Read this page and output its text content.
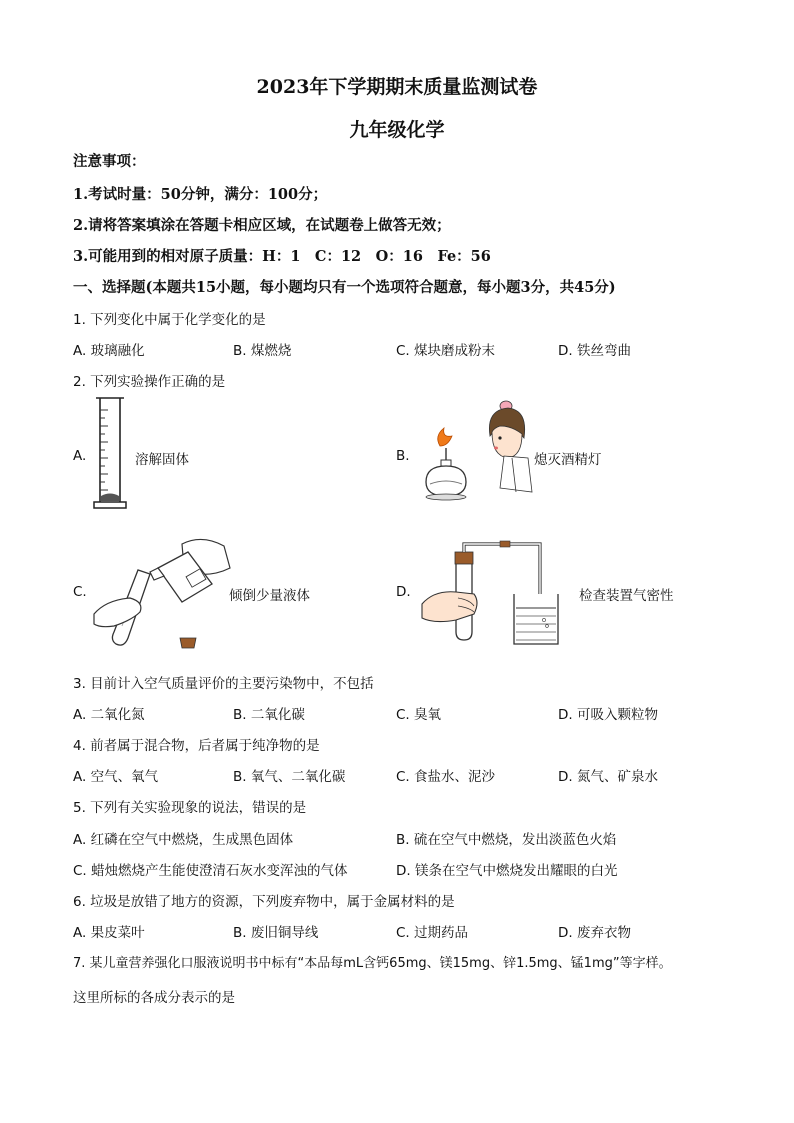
2023年下学期期末质量监测试卷
九年级化学
注意事项：
1.考试时量：50分钟，满分：100分；
2.请将答案填涂在答题卡相应区域，在试题卷上做答无效；
3.可能用到的相对原子质量：H：1　C：12　O：16　Fe：56
一、选择题(本题共15小题，每小题均只有一个选项符合题意，每小题3分，共45分)
1. 下列变化中属于化学变化的是
A. 玻璃融化	B. 煤燃烧	C. 煤块磨成粉末	D. 铁丝弯曲
2. 下列实验操作正确的是
A.	溶解固体	B.	熄灭酒精灯
C.	倾倒少量液体	D.	检查装置气密性
3. 目前计入空气质量评价的主要污染物中，不包括
A. 二氧化氮	B. 二氧化碳	C. 臭氧	D. 可吸入颗粒物
4. 前者属于混合物，后者属于纯净物的是
A. 空气、氧气	B. 氧气、二氧化碳	C. 食盐水、泥沙	D. 氮气、矿泉水
5. 下列有关实验现象的说法，错误的是
A. 红磷在空气中燃烧，生成黑色固体	B. 硫在空气中燃烧，发出淡蓝色火焰
C. 蜡烛燃烧产生能使澄清石灰水变浑浊的气体	D. 镁条在空气中燃烧发出耀眼的白光
6. 垃圾是放错了地方的资源，下列废弃物中，属于金属材料的是
A. 果皮菜叶	B. 废旧铜导线	C. 过期药品	D. 废弃衣物
7. 某儿童营养强化口服液说明书中标有“本品每mL含钙65mg、镁15mg、锌1.5mg、锰1mg”等字样。
这里所标的各成分表示的是
